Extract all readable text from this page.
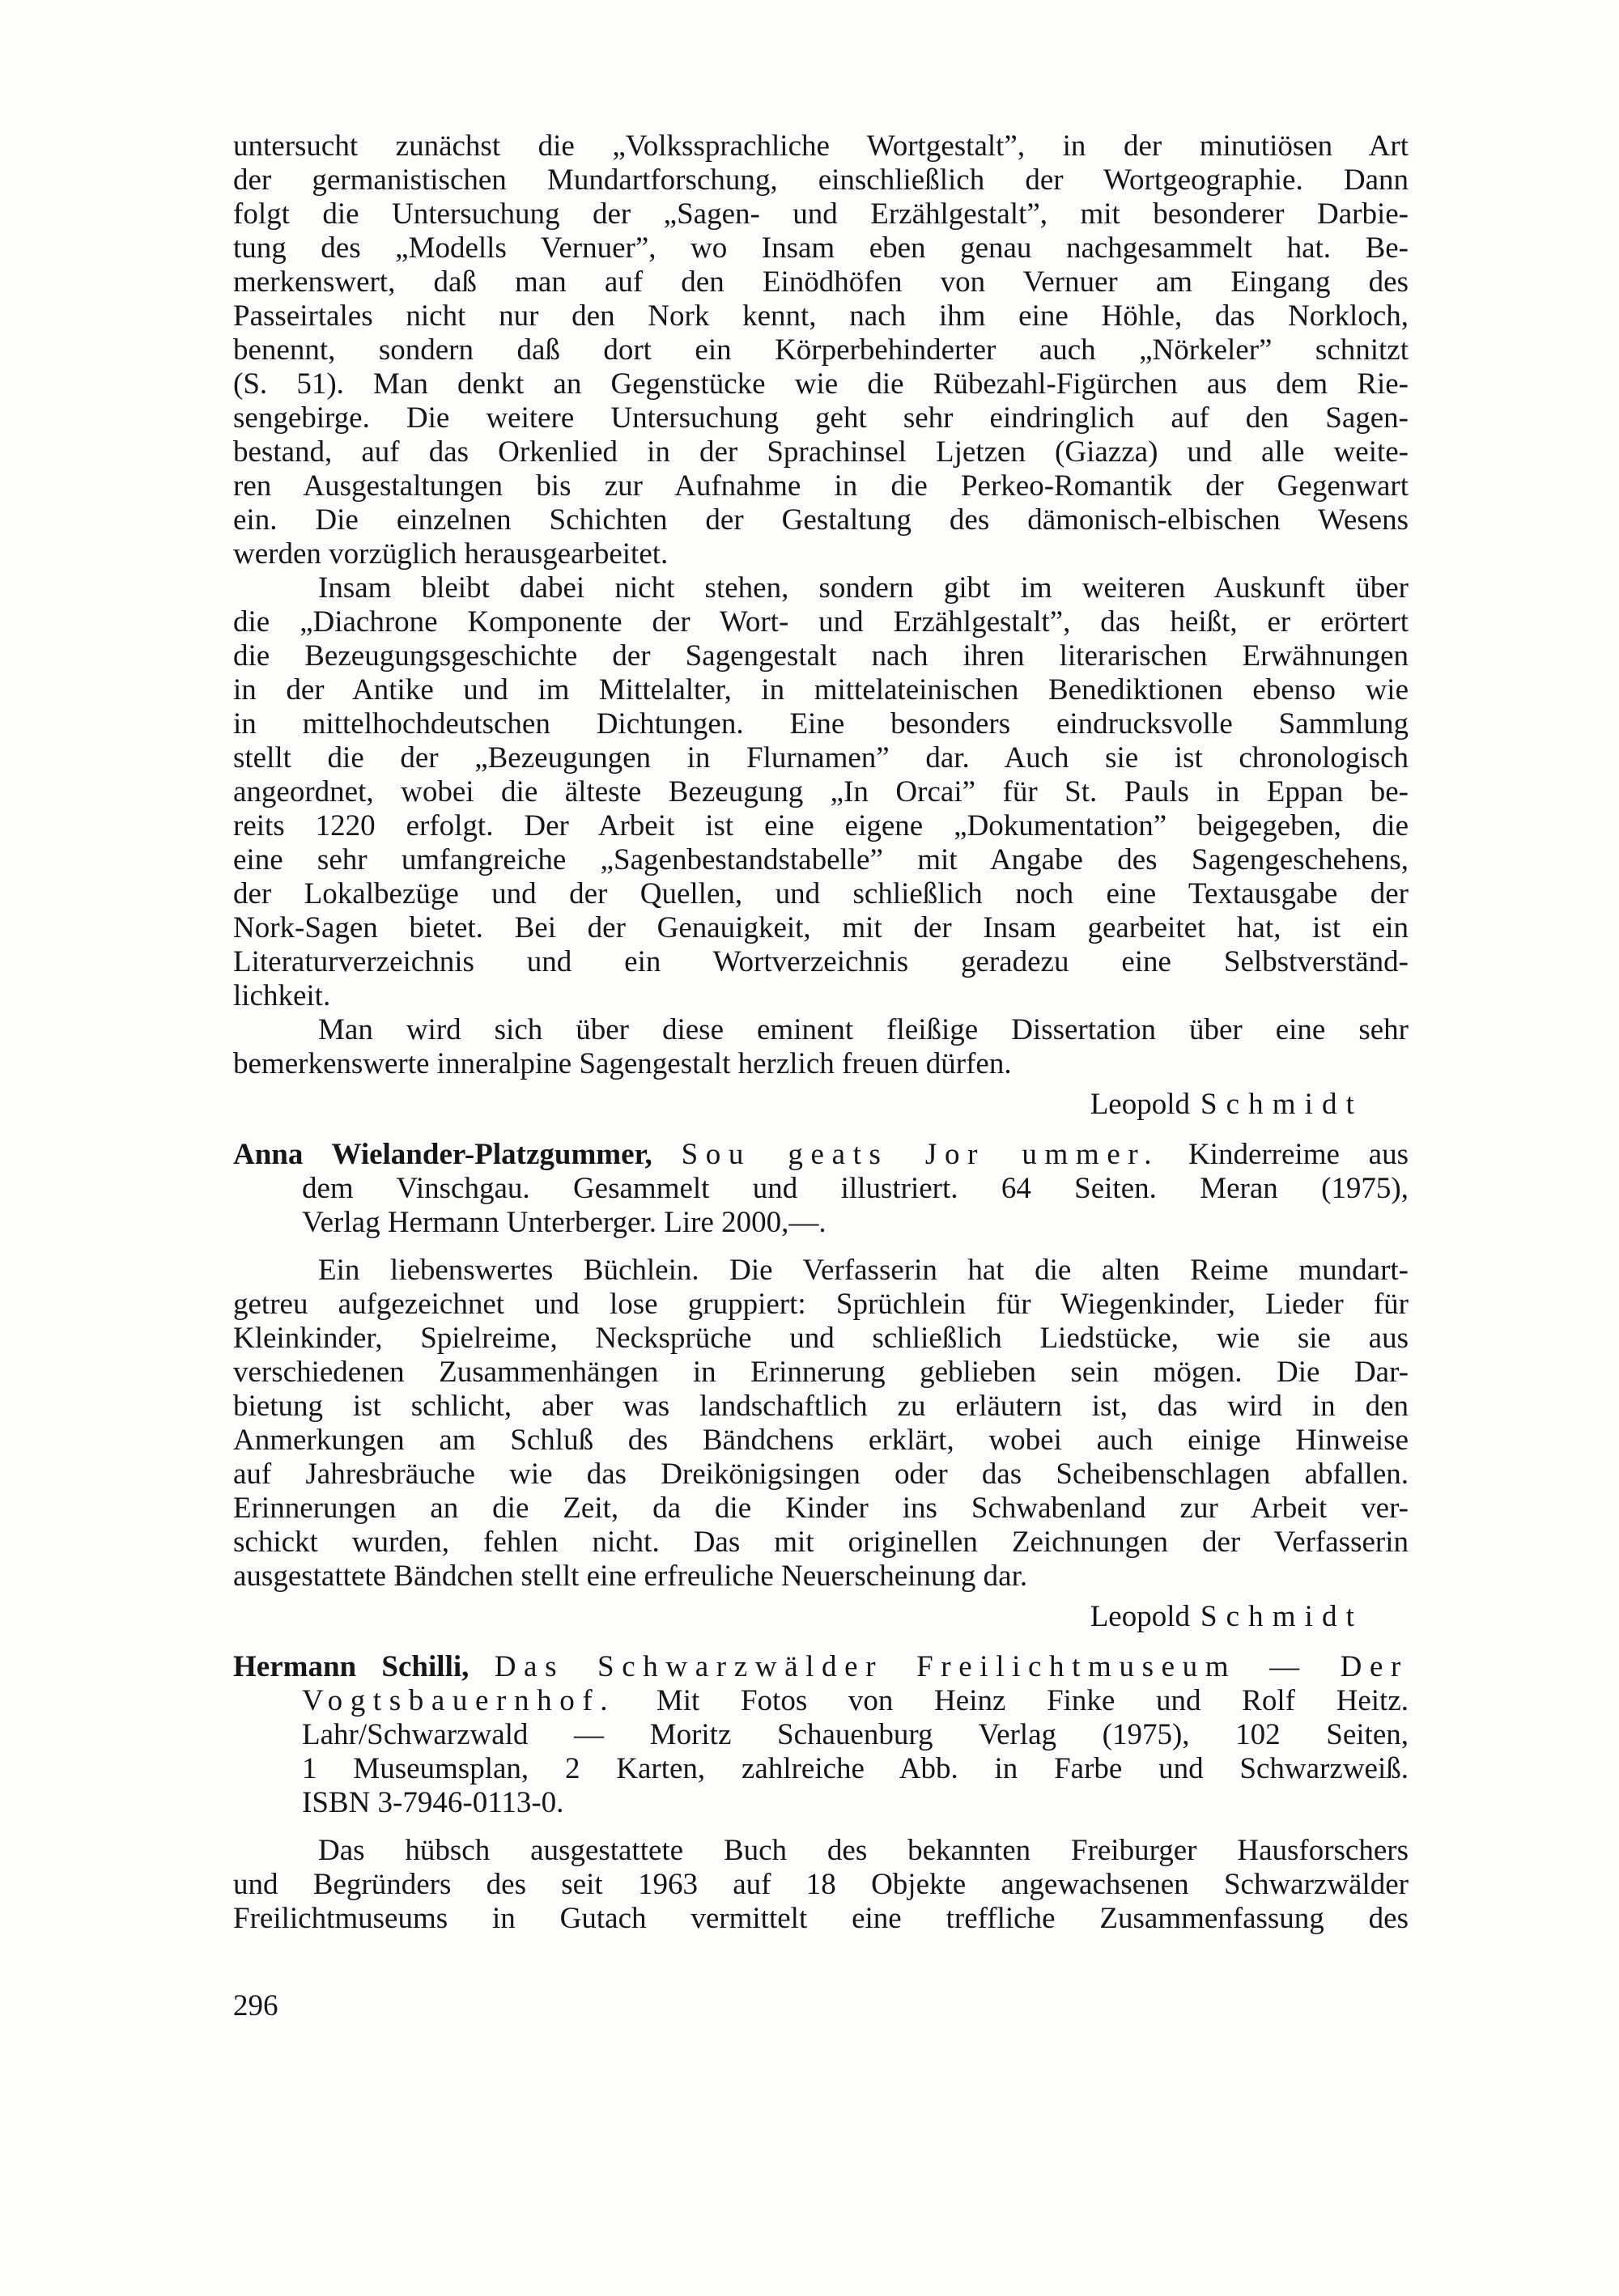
untersucht zunächst die „Volkssprachliche Wortgestalt”, in der minutiösen Art
der germanistischen Mundartforschung, einschließlich der Wortgeographie. Dann
folgt die Untersuchung der „Sagen- und Erzählgestalt”, mit besonderer Darbie-
tung des „Modells Vernuer”, wo Insam eben genau nachgesammelt hat. Be-
merkenswert, daß man auf den Einödhöfen von Vernuer am Eingang des
Passeirtales nicht nur den Nork kennt, nach ihm eine Höhle, das Norkloch,
benennt, sondern daß dort ein Körperbehinderter auch „Nörkeler” schnitzt
(S. 51). Man denkt an Gegenstücke wie die Rübezahl-Figürchen aus dem Rie-
sengebirge. Die weitere Untersuchung geht sehr eindringlich auf den Sagen-
bestand, auf das Orkenlied in der Sprachinsel Ljetzen (Giazza) und alle weite-
ren Ausgestaltungen bis zur Aufnahme in die Perkeo-Romantik der Gegenwart
ein. Die einzelnen Schichten der Gestaltung des dämonisch-elbischen Wesens
werden vorzüglich herausgearbeitet.
Insam bleibt dabei nicht stehen, sondern gibt im weiteren Auskunft über
die „Diachrone Komponente der Wort- und Erzählgestalt”, das heißt, er erörtert
die Bezeugungsgeschichte der Sagengestalt nach ihren literarischen Erwähnungen
in der Antike und im Mittelalter, in mittelateinischen Benediktionen ebenso wie
in mittelhochdeutschen Dichtungen. Eine besonders eindrucksvolle Sammlung
stellt die der „Bezeugungen in Flurnamen” dar. Auch sie ist chronologisch
angeordnet, wobei die älteste Bezeugung „In Orcai” für St. Pauls in Eppan be-
reits 1220 erfolgt. Der Arbeit ist eine eigene „Dokumentation” beigegeben, die
eine sehr umfangreiche „Sagenbestandstabelle” mit Angabe des Sagengeschehens,
der Lokalbezüge und der Quellen, und schließlich noch eine Textausgabe der
Nork-Sagen bietet. Bei der Genauigkeit, mit der Insam gearbeitet hat, ist ein
Literaturverzeichnis und ein Wortverzeichnis geradezu eine Selbstverständ-
lichkeit.
Man wird sich über diese eminent fleißige Dissertation über eine sehr
bemerkenswerte inneralpine Sagengestalt herzlich freuen dürfen.
Leopold Schmidt
Anna Wielander-Platzgummer, Sou geats Jor ummer. Kinderreime aus
dem Vinschgau. Gesammelt und illustriert. 64 Seiten. Meran (1975),
Verlag Hermann Unterberger. Lire 2000,—.
Ein liebenswertes Büchlein. Die Verfasserin hat die alten Reime mundart-
getreu aufgezeichnet und lose gruppiert: Sprüchlein für Wiegenkinder, Lieder für
Kleinkinder, Spielreime, Necksprüche und schließlich Liedstücke, wie sie aus
verschiedenen Zusammenhängen in Erinnerung geblieben sein mögen. Die Dar-
bietung ist schlicht, aber was landschaftlich zu erläutern ist, das wird in den
Anmerkungen am Schluß des Bändchens erklärt, wobei auch einige Hinweise
auf Jahresbräuche wie das Dreikönigsingen oder das Scheibenschlagen abfallen.
Erinnerungen an die Zeit, da die Kinder ins Schwabenland zur Arbeit ver-
schickt wurden, fehlen nicht. Das mit originellen Zeichnungen der Verfasserin
ausgestattete Bändchen stellt eine erfreuliche Neuerscheinung dar.
Leopold Schmidt
Hermann Schilli, Das Schwarzwälder Freilichtmuseum — Der
Vogtsbauernhof. Mit Fotos von Heinz Finke und Rolf Heitz.
Lahr/Schwarzwald — Moritz Schauenburg Verlag (1975), 102 Seiten,
1 Museumsplan, 2 Karten, zahlreiche Abb. in Farbe und Schwarzweiß.
ISBN 3-7946-0113-0.
Das hübsch ausgestattete Buch des bekannten Freiburger Hausforschers
und Begründers des seit 1963 auf 18 Objekte angewachsenen Schwarzwälder
Freilichtmuseums in Gutach vermittelt eine treffliche Zusammenfassung des
296
